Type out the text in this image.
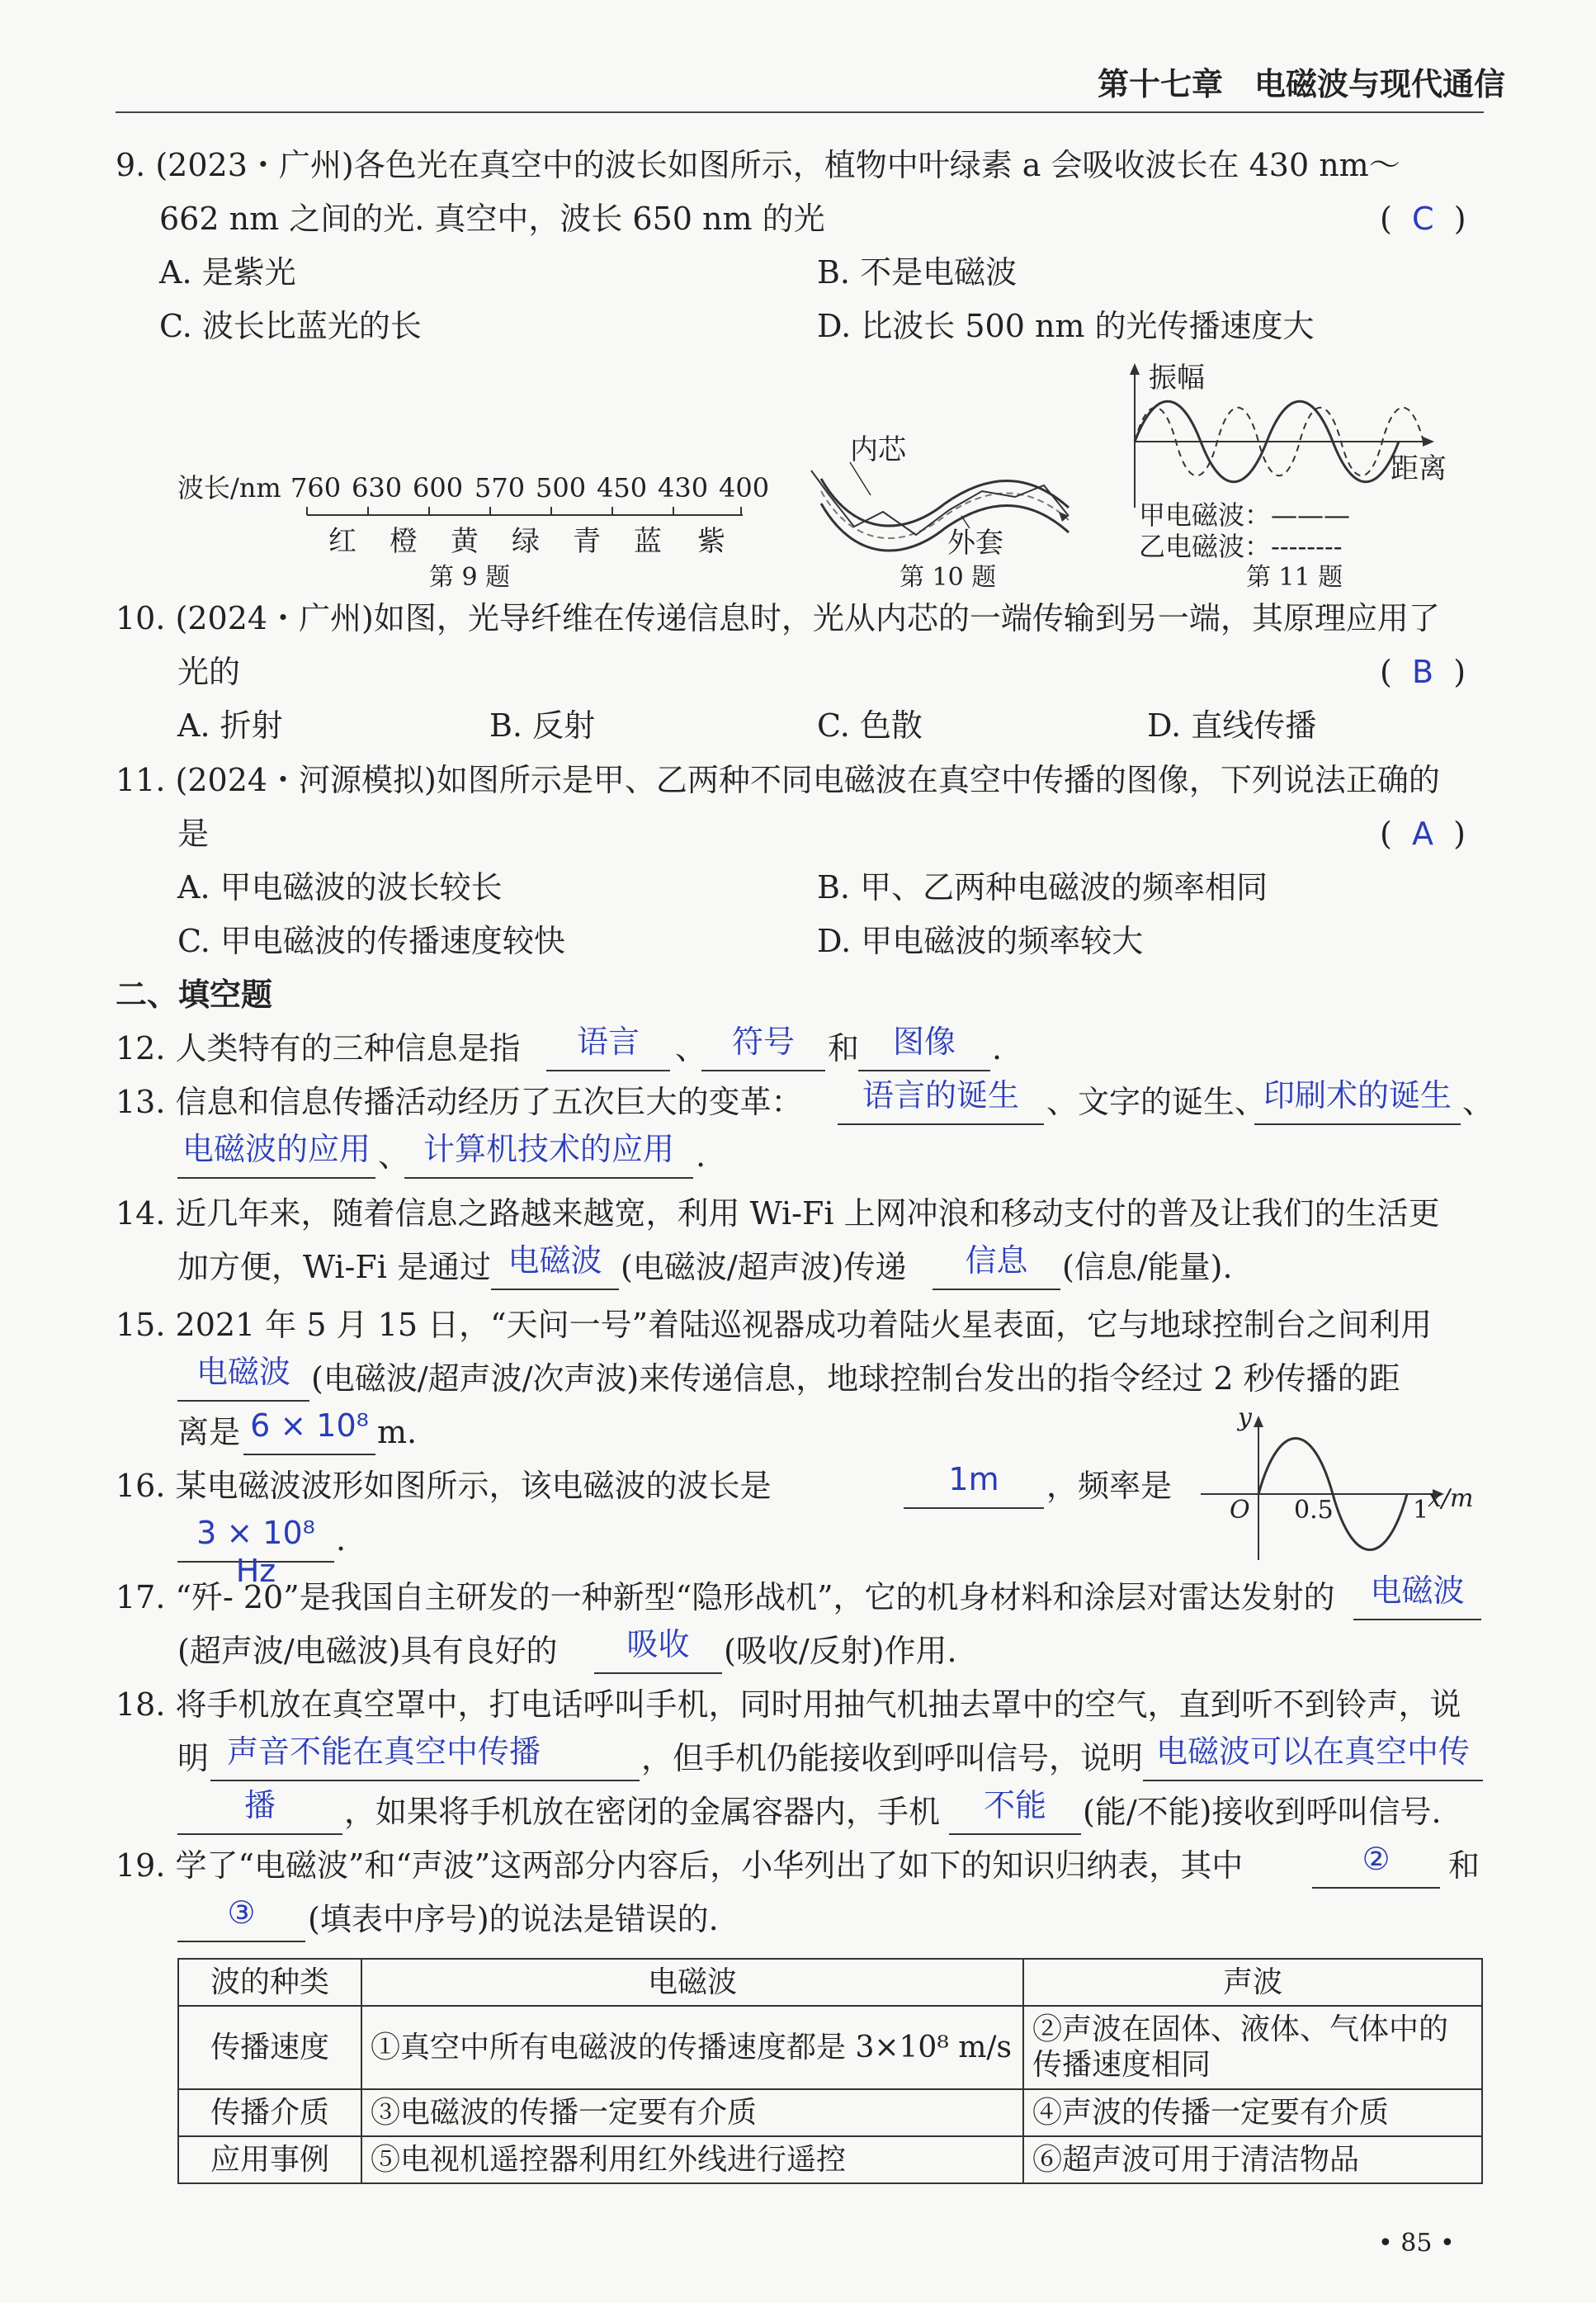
第十七章　电磁波与现代通信
9. (2023・广州)各色光在真空中的波长如图所示，植物中叶绿素 a 会吸收波长在 430 nm～
662 nm 之间的光. 真空中，波长 650 nm 的光	(  C  )
A. 是紫光	B. 不是电磁波
C. 波长比蓝光的长	D. 比波长 500 nm 的光传播速度大
波长/nm 760 630 600 570 500 450 430 400
红 橙 黄 绿 青 蓝 紫
第 9 题
内芯
外套
第 10 题
振幅
距离
甲电磁波：———
乙电磁波：--------
第 11 题
10. (2024・广州)如图，光导纤维在传递信息时，光从内芯的一端传输到另一端，其原理应用了
光的	(  B  )
A. 折射	B. 反射	C. 色散	D. 直线传播
11. (2024・河源模拟)如图所示是甲、乙两种不同电磁波在真空中传播的图像，下列说法正确的
是	(  A  )
A. 甲电磁波的波长较长	B. 甲、乙两种电磁波的频率相同
C. 甲电磁波的传播速度较快	D. 甲电磁波的频率较大
二、填空题
12. 人类特有的三种信息是指	语言	、 符号	和	图像	.
13. 信息和信息传播活动经历了五次巨大的变革：	语言的诞生 、文字的诞生、
印刷术的诞生 、
电磁波的应用 、 计算机技术的应用 .
14. 近几年来，随着信息之路越来越宽，利用 Wi-Fi 上网冲浪和移动支付的普及让我们的生活更
加方便，Wi-Fi 是通过 电磁波 (电磁波/超声波)传递	信息	(信息/能量).
15. 2021 年 5 月 15 日，“天问一号”着陆巡视器成功着陆火星表面，它与地球控制台之间利用
电磁波 (电磁波/超声波/次声波)来传递信息，地球控制台发出的指令经过 2 秒传播的距
离是 6 × 10⁸ m.
16. 某电磁波波形如图所示，该电磁波的波长是	1m	，频率是
3 × 10⁸ Hz
.
y
x/m
O 0.5	1
17. “歼- 20”是我国自主研发的一种新型“隐形战机”，它的机身材料和涂层对雷达发射的	电磁波
(超声波/电磁波)具有良好的	吸收	(吸收/反射)作用.
18. 将手机放在真空罩中，打电话呼叫手机，同时用抽气机抽去罩中的空气，直到听不到铃声，说
明 声音不能在真空中传播	，但手机仍能接收到呼叫信号，说明 电磁波可以在真空中传
播	，如果将手机放在密闭的金属容器内，手机	不能	(能/不能)接收到呼叫信号.
19. 学了“电磁波”和“声波”这两部分内容后，小华列出了如下的知识归纳表，其中	②	和
③	(填表中序号)的说法是错误的.
波的种类	电磁波	声波
传播速度	①真空中所有电磁波的传播速度都是 3×10⁸ m/s	②声波在固体、液体、气体中的传播速度相同
传播介质	③电磁波的传播一定要有介质	④声波的传播一定要有介质
应用事例	⑤电视机遥控器利用红外线进行遥控	⑥超声波可用于清洁物品
• 85 •
